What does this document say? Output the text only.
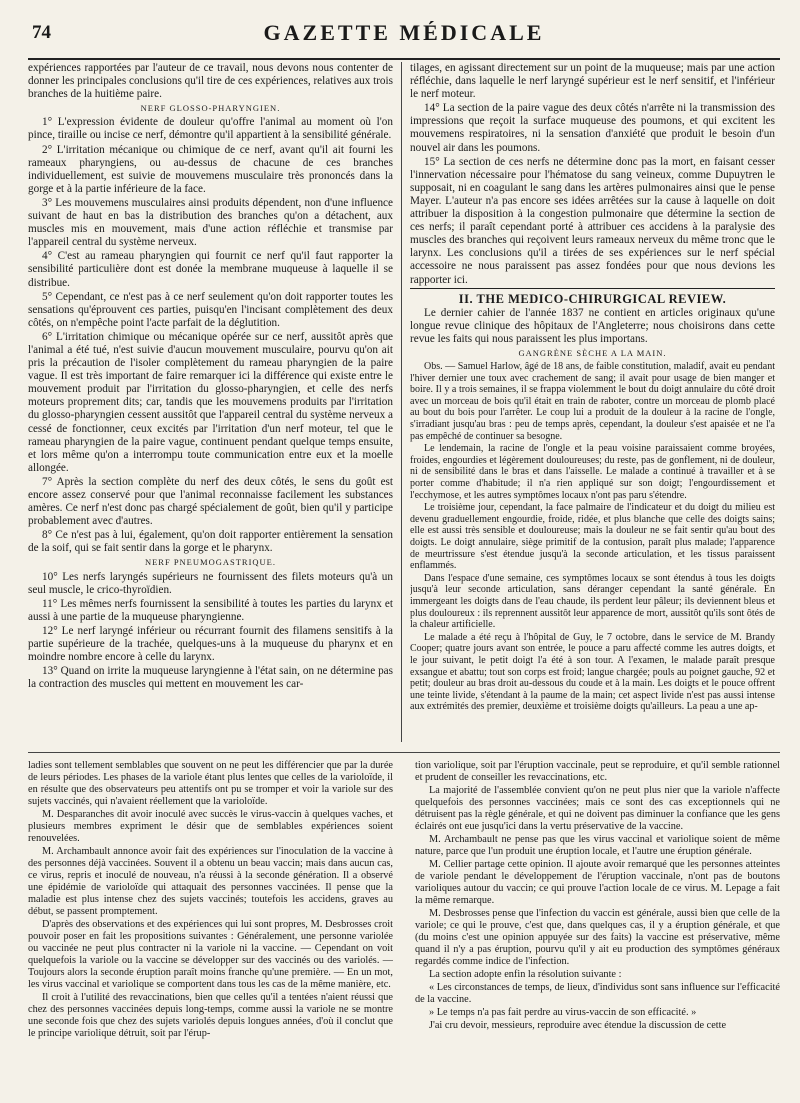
74	GAZETTE MÉDICALE

expériences rapportées par l'auteur de ce travail, nous devons nous contenter de donner les principales conclusions qu'il tire de ces expériences, relatives aux trois branches de la huitième paire.

NERF GLOSSO-PHARYNGIEN.

1° L'expression évidente de douleur qu'offre l'animal au moment où l'on pince, tiraille ou incise ce nerf, démontre qu'il appartient à la sensibilité générale.

2° L'irritation mécanique ou chimique de ce nerf, avant qu'il ait fourni les rameaux pharyngiens, ou au-dessus de chacune de ces branches individuellement, est suivie de mouvemens musculaire très prononcés dans la gorge et à la partie inférieure de la face.

3° Les mouvemens musculaires ainsi produits dépendent, non d'une influence suivant de haut en bas la distribution des branches qu'on a détachent, aux muscles mis en mouvement, mais d'une action réfléchie et transmise par l'appareil central du système nerveux.

4° C'est au rameau pharyngien qui fournit ce nerf qu'il faut rapporter la sensibilité particulière dont est donée la membrane muqueuse à laquelle il se distribue.

5° Cependant, ce n'est pas à ce nerf seulement qu'on doit rapporter toutes les sensations qu'éprouvent ces parties, puisqu'en l'incisant complètement des deux côtés, on n'empêche point l'acte parfait de la déglutition.

6° L'irritation chimique ou mécanique opérée sur ce nerf, aussitôt après que l'animal a été tué, n'est suivie d'aucun mouvement musculaire, pourvu qu'on ait pris la précaution de l'isoler complètement du rameau pharyngien de la paire vague. Il est très important de faire remarquer ici la différence qui existe entre le mouvement produit par l'irritation du glosso-pharyngien, et celle des nerfs moteurs proprement dits; car, tandis que les mouvemens produits par l'irritation du glosso-pharyngien cessent aussitôt que l'appareil central du système nerveux a cessé de fonctionner, ceux excités par l'irritation d'un nerf moteur, tel que le rameau pharyngien de la paire vague, continuent pendant quelque temps ensuite, et lors même qu'on a interrompu toute communication entre eux et la moelle allongée.

7° Après la section complète du nerf des deux côtés, le sens du goût est encore assez conservé pour que l'animal reconnaisse facilement les substances amères. Ce nerf n'est donc pas chargé spécialement de goût, bien qu'il y participe probablement avec d'autres.

8° Ce n'est pas à lui, également, qu'on doit rapporter entièrement la sensation de la soif, qui se fait sentir dans la gorge et le pharynx.

NERF PNEUMOGASTRIQUE.

10° Les nerfs laryngés supérieurs ne fournissent des filets moteurs qu'à un seul muscle, le crico-thyroïdien.

11° Les mêmes nerfs fournissent la sensibilité à toutes les parties du larynx et aussi à une partie de la muqueuse pharyngienne.

12° Le nerf laryngé inférieur ou récurrant fournit des filamens sensitifs à la partie supérieure de la trachée, quelques-uns à la muqueuse du pharynx et en moindre nombre encore à celle du larynx.

13° Quand on irrite la muqueuse laryngienne à l'état sain, on ne détermine pas la contraction des muscles qui mettent en mouvement les car-

tilages, en agissant directement sur un point de la muqueuse; mais par une action réfléchie, dans laquelle le nerf laryngé supérieur est le nerf sensitif, et l'inférieur le nerf moteur.

14° La section de la paire vague des deux côtés n'arrête ni la transmission des impressions que reçoit la surface muqueuse des poumons, et qui excitent les mouvemens respiratoires, ni la sensation d'anxiété que produit le besoin d'un nouvel air dans les poumons.

15° La section de ces nerfs ne détermine donc pas la mort, en faisant cesser l'innervation nécessaire pour l'hématose du sang veineux, comme Dupuytren le supposait, ni en coagulant le sang dans les artères pulmonaires ainsi que le pense Mayer. L'auteur n'a pas encore ses idées arrêtées sur la cause à laquelle on doit attribuer la disposition à la congestion pulmonaire que détermine la section de ces nerfs; il paraît cependant porté à attribuer ces accidens à la paralysie des muscles des branches qui reçoivent leurs rameaux nerveux du même tronc que le larynx. Les conclusions qu'il a tirées de ses expériences sur le nerf spécial accessoire ne nous paraissent pas assez fondées pour que nous devions les rapporter ici.

II. THE MEDICO-CHIRURGICAL REVIEW.

Le dernier cahier de l'année 1837 ne contient en articles originaux qu'une longue revue clinique des hôpitaux de l'Angleterre; nous choisirons dans cette revue les faits qui nous paraissent les plus importans.

GANGRÈNE SÈCHE A LA MAIN.

Obs. — Samuel Harlow, âgé de 18 ans, de faible constitution, maladif, avait eu pendant l'hiver dernier une toux avec crachement de sang; il avait pour usage de bien manger et boire. Il y a trois semaines, il se frappa violemment le bout du doigt annulaire du côté droit avec un morceau de bois qu'il était en train de raboter, contre un morceau de plomb placé au bout du bois pour l'arrêter. Le coup lui a produit de la douleur à la racine de l'ongle, s'irradiant jusqu'au bras : peu de temps après, cependant, la douleur s'est apaisée et ne l'a pas empêché de continuer sa besogne.

Le lendemain, la racine de l'ongle et la peau voisine paraissaient comme broyées, froides, engourdies et légèrement douloureuses; du reste, pas de gonflement, ni de douleur, ni de sensibilité dans le bras et dans l'aisselle. Le malade a continué à travailler et à se porter comme d'habitude; il n'a rien appliqué sur son doigt; l'engourdissement et l'ecchymose, et les autres symptômes locaux n'ont pas paru s'étendre.

Le troisième jour, cependant, la face palmaire de l'indicateur et du doigt du milieu est devenu graduellement engourdie, froide, ridée, et plus blanche que celle des doigts sains; elle est aussi très sensible et douloureuse; mais la douleur ne se fait sentir qu'au bout des doigts. Le doigt annulaire, siège primitif de la contusion, paraît plus malade; l'apparence de meurtrissure s'est étendue jusqu'à la seconde articulation, et les tissus paraissent enflammés.

Dans l'espace d'une semaine, ces symptômes locaux se sont étendus à tous les doigts jusqu'à leur seconde articulation, sans déranger cependant la santé générale. En immergeant les doigts dans de l'eau chaude, ils perdent leur pâleur; ils deviennent bleus et plus douloureux : ils reprennent aussitôt leur apparence de mort, aussitôt qu'ils sont ôtés de la chaleur artificielle.

Le malade a été reçu à l'hôpital de Guy, le 7 octobre, dans le service de M. Brandy Cooper; quatre jours avant son entrée, le pouce a paru affecté comme les autres doigts, et le jour suivant, le petit doigt l'a été à son tour. A l'examen, le malade paraît presque exsangue et abattu; tout son corps est froid; langue chargée; pouls au poignet gauche, 92 et petit; douleur au bras droit au-dessous du coude et à la main. Les doigts et le pouce offrent une teinte livide, s'étendant à la paume de la main; cet aspect livide n'est pas aussi intense aux extrémités des premier, deuxième et troisième doigts qu'ailleurs. La peau a une ap-

ladies sont tellement semblables que souvent on ne peut les différencier que par la durée de leurs périodes. Les phases de la variole étant plus lentes que celles de la varioloïde, il en résulte que des observateurs peu attentifs ont pu se tromper et voir la variole sur des sujets vaccinés, qui n'avaient réellement que la varioloïde.

M. Desparanches dit avoir inoculé avec succès le virus-vaccin à quelques vaches, et plusieurs membres expriment le désir que de semblables expériences soient renouvelées.

M. Archambault annonce avoir fait des expériences sur l'inoculation de la vaccine à des personnes déjà vaccinées. Souvent il a obtenu un beau vaccin; mais dans aucun cas, ce virus, repris et inoculé de nouveau, n'a réussi à la seconde génération. Il a observé une épidémie de varioloïde qui attaquait des personnes vaccinées. Il pense que la maladie est plus intense chez des sujets vaccinés; toutefois les accidens, graves au début, se passent promptement.

D'après des observations et des expériences qui lui sont propres, M. Desbrosses croit pouvoir poser en fait les propositions suivantes : Généralement, une personne variolée ou vaccinée ne peut plus contracter ni la variole ni la vaccine. — Cependant on voit quelquefois la variole ou la vaccine se développer sur des vaccinés ou des variolés. — Toujours alors la seconde éruption paraît moins franche qu'une première. — En un mot, les virus vaccinal et variolique se comportent dans tous les cas de la même manière, etc.

Il croit à l'utilité des revaccinations, bien que celles qu'il a tentées n'aient réussi que chez des personnes vaccinées depuis long-temps, comme aussi la variole ne se montre une seconde fois que chez des sujets variolés depuis longues années, d'où il conclut que le principe variolique détruit, soit par l'érup-

tion variolique, soit par l'éruption vaccinale, peut se reproduire, et qu'il semble rationnel et prudent de conseiller les revaccinations, etc.

La majorité de l'assemblée convient qu'on ne peut plus nier que la variole n'affecte quelquefois des personnes vaccinées; mais ce sont des cas exceptionnels qui ne détruisent pas la règle générale, et qui ne doivent pas diminuer la confiance que les gens éclairés ont eue jusqu'ici dans la vertu préservative de la vaccine.

M. Archambault ne pense pas que les virus vaccinal et variolique soient de même nature, parce que l'un produit une éruption locale, et l'autre une éruption générale.

M. Cellier partage cette opinion. Il ajoute avoir remarqué que les personnes atteintes de variole pendant le développement de l'éruption vaccinale, n'ont pas de boutons varioliques autour du vaccin; ce qui prouve l'action locale de ce virus. M. Lepage a fait la même remarque.

M. Desbrosses pense que l'infection du vaccin est générale, aussi bien que celle de la variole; ce qui le prouve, c'est que, dans quelques cas, il y a éruption générale, et que (du moins c'est une opinion appuyée sur des faits) la vaccine est préservative, même quand il n'y a pas éruption, pourvu qu'il y ait eu production des symptômes généraux regardés comme indice de l'infection.

La section adopte enfin la résolution suivante :

« Les circonstances de temps, de lieux, d'individus sont sans influence sur l'efficacité de la vaccine.

» Le temps n'a pas fait perdre au virus-vaccin de son efficacité. »

J'ai cru devoir, messieurs, reproduire avec étendue la discussion de cette
